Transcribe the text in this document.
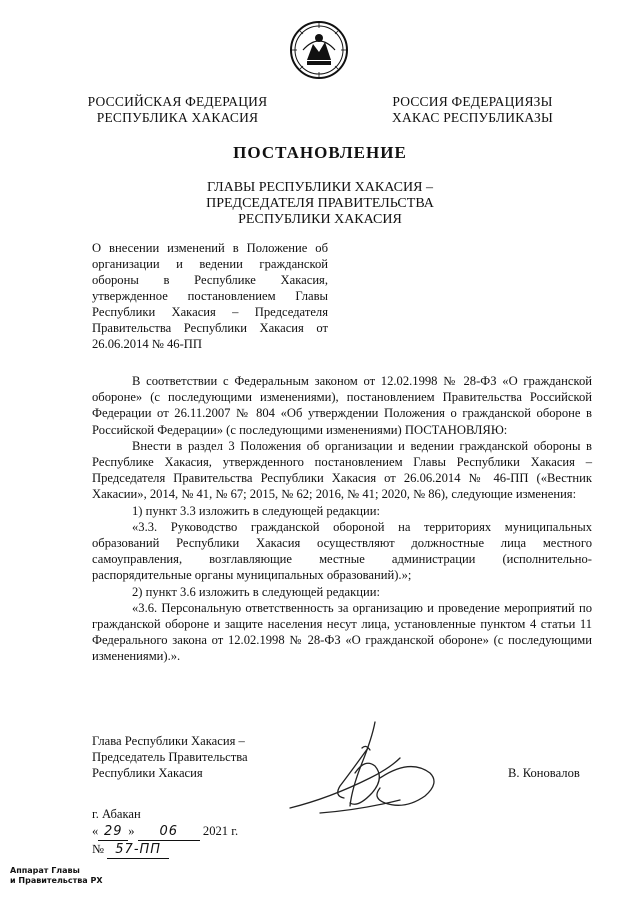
РОССИЙСКАЯ ФЕДЕРАЦИЯ
РЕСПУБЛИКА ХАКАСИЯ
РОССИЯ ФЕДЕРАЦИЯЗЫ
ХАКАС РЕСПУБЛИКАЗЫ
ПОСТАНОВЛЕНИЕ
ГЛАВЫ РЕСПУБЛИКИ ХАКАСИЯ –
ПРЕДСЕДАТЕЛЯ ПРАВИТЕЛЬСТВА
РЕСПУБЛИКИ ХАКАСИЯ
О внесении изменений в Положение об организации и ведении гражданской обороны в Республике Хакасия, утвержденное постановлением Главы Республики Хакасия – Председателя Правительства Республики Хакасия от 26.06.2014 № 46-ПП

В соответствии с Федеральным законом от 12.02.1998 № 28-ФЗ «О гражданской обороне» (с последующими изменениями), постановлением Правительства Российской Федерации от 26.11.2007 № 804 «Об утверждении Положения о гражданской обороне в Российской Федерации» (с последующими изменениями) ПОСТАНОВЛЯЮ:

Внести в раздел 3 Положения об организации и ведении гражданской обороны в Республике Хакасия, утвержденного постановлением Главы Республики Хакасия – Председателя Правительства Республики Хакасия от 26.06.2014 № 46-ПП («Вестник Хакасии», 2014, № 41, № 67; 2015, № 62; 2016, № 41; 2020, № 86), следующие изменения:

1) пункт 3.3 изложить в следующей редакции:

«3.3. Руководство гражданской обороной на территориях муниципальных образований Республики Хакасия осуществляют должностные лица местного самоуправления, возглавляющие местные администрации (исполнительно-распорядительные органы муниципальных образований).»;

2) пункт 3.6 изложить в следующей редакции:

«3.6. Персональную ответственность за организацию и проведение мероприятий по гражданской обороне и защите населения несут лица, установленные пунктом 4 статьи 11 Федерального закона от 12.02.1998 № 28-ФЗ «О гражданской обороне» (с последующими изменениями).».

Глава Республики Хакасия –
Председатель Правительства
Республики Хакасия	В. Коновалов
г. Абакан
« 29 » 06 2021 г.
№ 57-ПП
Аппарат Главы
и Правительства РХ
